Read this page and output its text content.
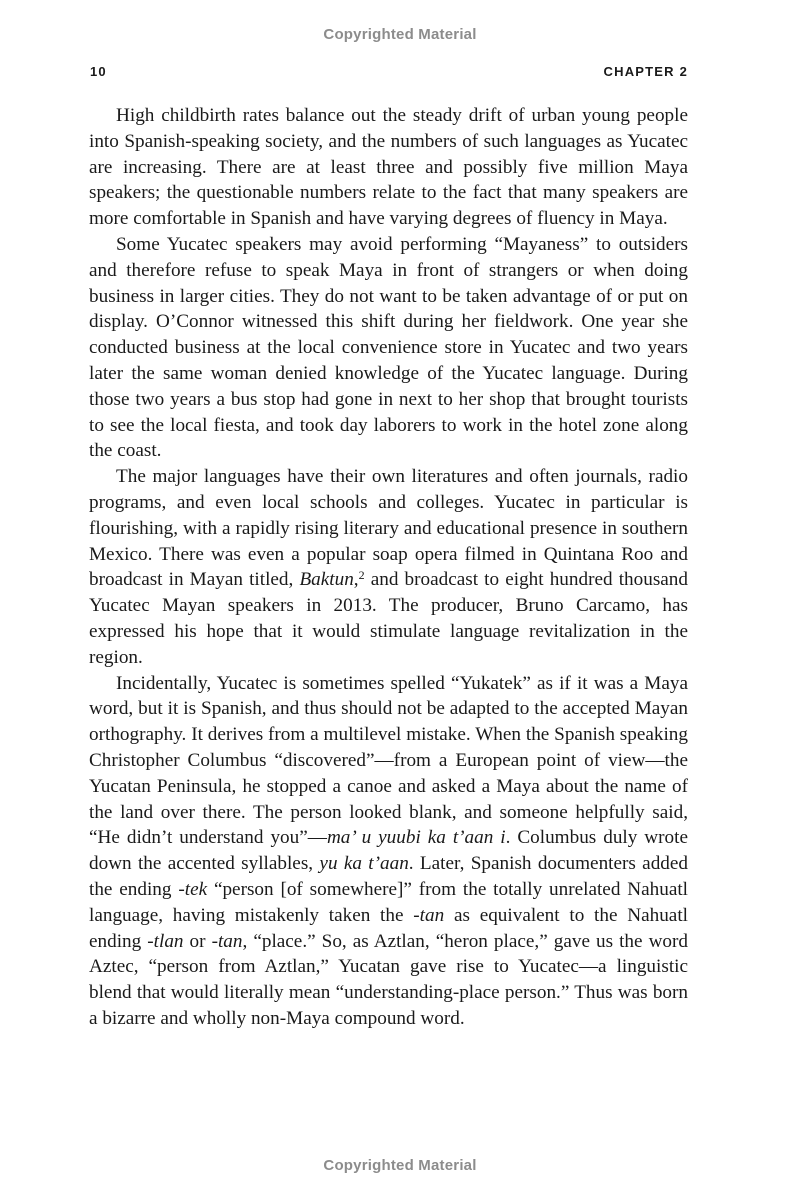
Copyrighted Material
10	CHAPTER 2

High childbirth rates balance out the steady drift of urban young people into Spanish-speaking society, and the numbers of such languages as Yucatec are increasing. There are at least three and possibly five million Maya speakers; the questionable numbers relate to the fact that many speakers are more comfortable in Spanish and have varying degrees of fluency in Maya.

Some Yucatec speakers may avoid performing “Mayaness” to outsiders and therefore refuse to speak Maya in front of strangers or when doing business in larger cities. They do not want to be taken advantage of or put on display. O’Connor witnessed this shift during her fieldwork. One year she conducted business at the local convenience store in Yucatec and two years later the same woman denied knowledge of the Yucatec language. During those two years a bus stop had gone in next to her shop that brought tourists to see the local fiesta, and took day laborers to work in the hotel zone along the coast.

The major languages have their own literatures and often journals, radio programs, and even local schools and colleges. Yucatec in particular is flourishing, with a rapidly rising literary and educational presence in southern Mexico. There was even a popular soap opera filmed in Quintana Roo and broadcast in Mayan titled, Baktun,$^2$ and broadcast to eight hundred thousand Yucatec Mayan speakers in 2013. The producer, Bruno Carcamo, has expressed his hope that it would stimulate language revitalization in the region.

Incidentally, Yucatec is sometimes spelled “Yukatek” as if it was a Maya word, but it is Spanish, and thus should not be adapted to the accepted Mayan orthography. It derives from a multilevel mistake. When the Spanish speaking Christopher Columbus “discovered”—from a European point of view—the Yucatan Peninsula, he stopped a canoe and asked a Maya about the name of the land over there. The person looked blank, and someone helpfully said, “He didn’t understand you”—ma’ u yuubi ka t’aan i. Columbus duly wrote down the accented syllables, yu ka t’aan. Later, Spanish documenters added the ending -tek “person [of somewhere]” from the totally unrelated Nahuatl language, having mistakenly taken the -tan as equivalent to the Nahuatl ending -tlan or -tan, “place.” So, as Aztlan, “heron place,” gave us the word Aztec, “person from Aztlan,” Yucatan gave rise to Yucatec—a linguistic blend that would literally mean “understanding-place person.” Thus was born a bizarre and wholly non-Maya compound word.

Copyrighted Material
